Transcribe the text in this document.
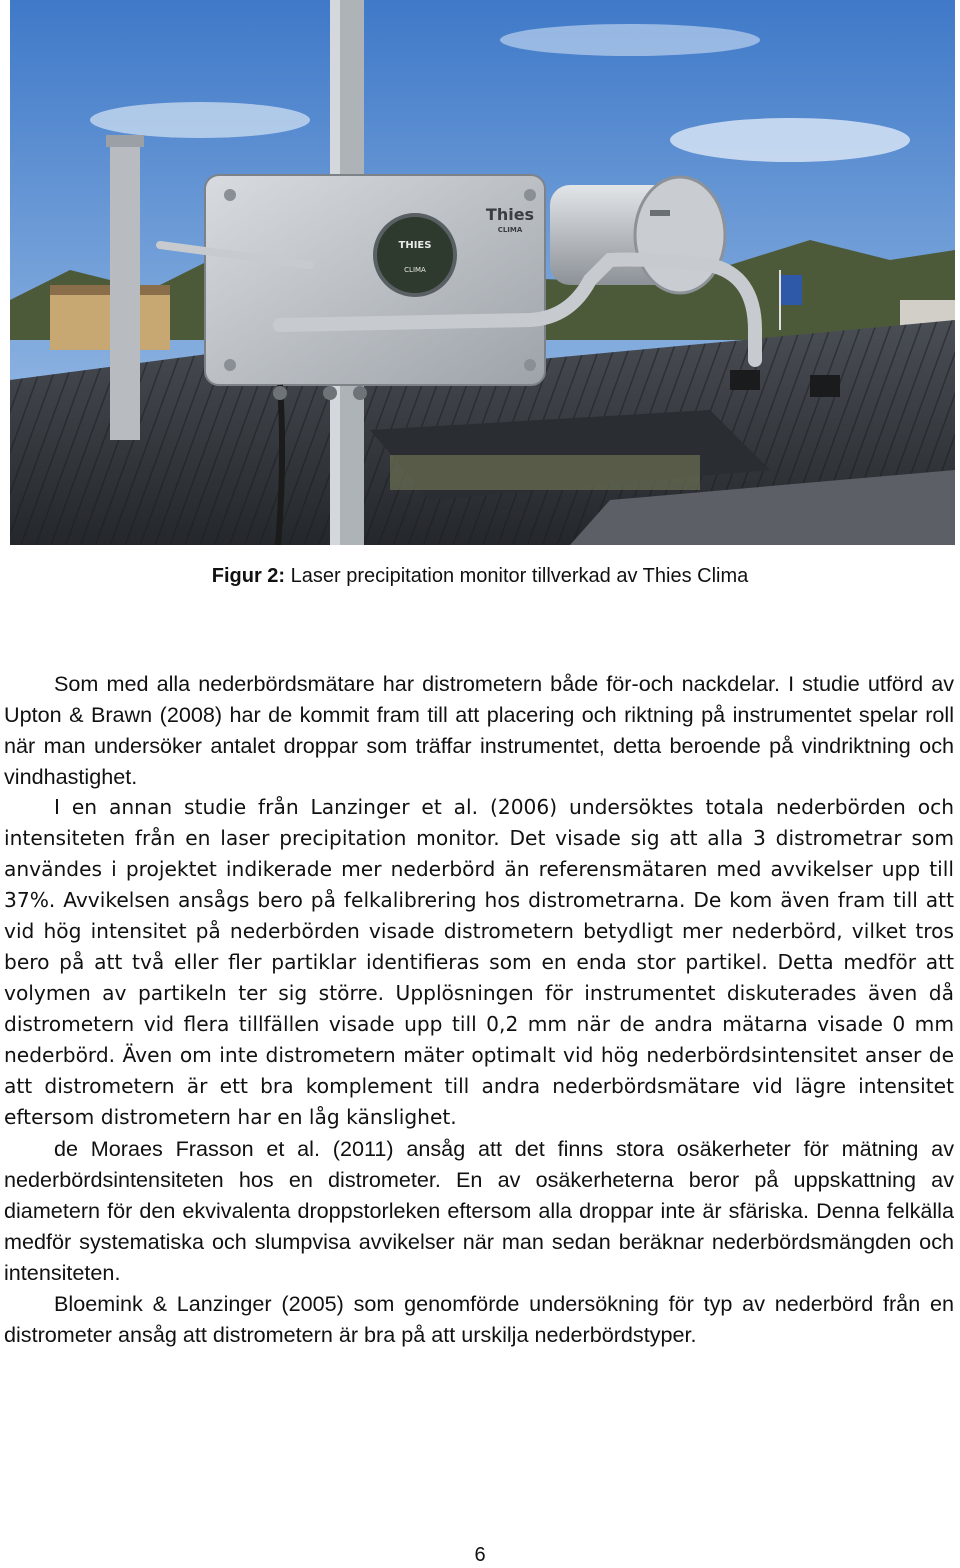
THIES
CLIMA
Thies
CLIMA
Figur 2: Laser precipitation monitor tillverkad av Thies Clima

Som med alla nederbördsmätare har distrometern både för-och nackdelar. I studie utförd av Upton & Brawn (2008) har de kommit fram till att placering och riktning på instrumentet spelar roll när man undersöker antalet droppar som träffar instrumentet, detta beroende på vindriktning och vindhastighet.

I en annan studie från Lanzinger et al. (2006) undersöktes totala nederbörden och intensiteten från en laser precipitation monitor. Det visade sig att alla 3 distrometrar som användes i projektet indikerade mer nederbörd än referensmätaren med avvikelser upp till 37%. Avvikelsen ansågs bero på felkalibrering hos distrometrarna. De kom även fram till att vid hög intensitet på nederbörden visade distrometern betydligt mer nederbörd, vilket tros bero på att två eller fler partiklar identifieras som en enda stor partikel. Detta medför att volymen av partikeln ter sig större. Upplösningen för instrumentet diskuterades även då distrometern vid flera tillfällen visade upp till 0,2 mm när de andra mätarna visade 0 mm nederbörd. Även om inte distrometern mäter optimalt vid hög nederbördsintensitet anser de att distrometern är ett bra komplement till andra nederbördsmätare vid lägre intensitet eftersom distrometern har en låg känslighet.

de Moraes Frasson et al. (2011) ansåg att det finns stora osäkerheter för mätning av nederbördsintensiteten hos en distrometer. En av osäkerheterna beror på uppskattning av diametern för den ekvivalenta droppstorleken eftersom alla droppar inte är sfäriska. Denna felkälla medför systematiska och slumpvisa avvikelser när man sedan beräknar nederbördsmängden och intensiteten.

Bloemink & Lanzinger (2005) som genomförde undersökning för typ av nederbörd från en distrometer ansåg att distrometern är bra på att urskilja nederbördstyper.

6
